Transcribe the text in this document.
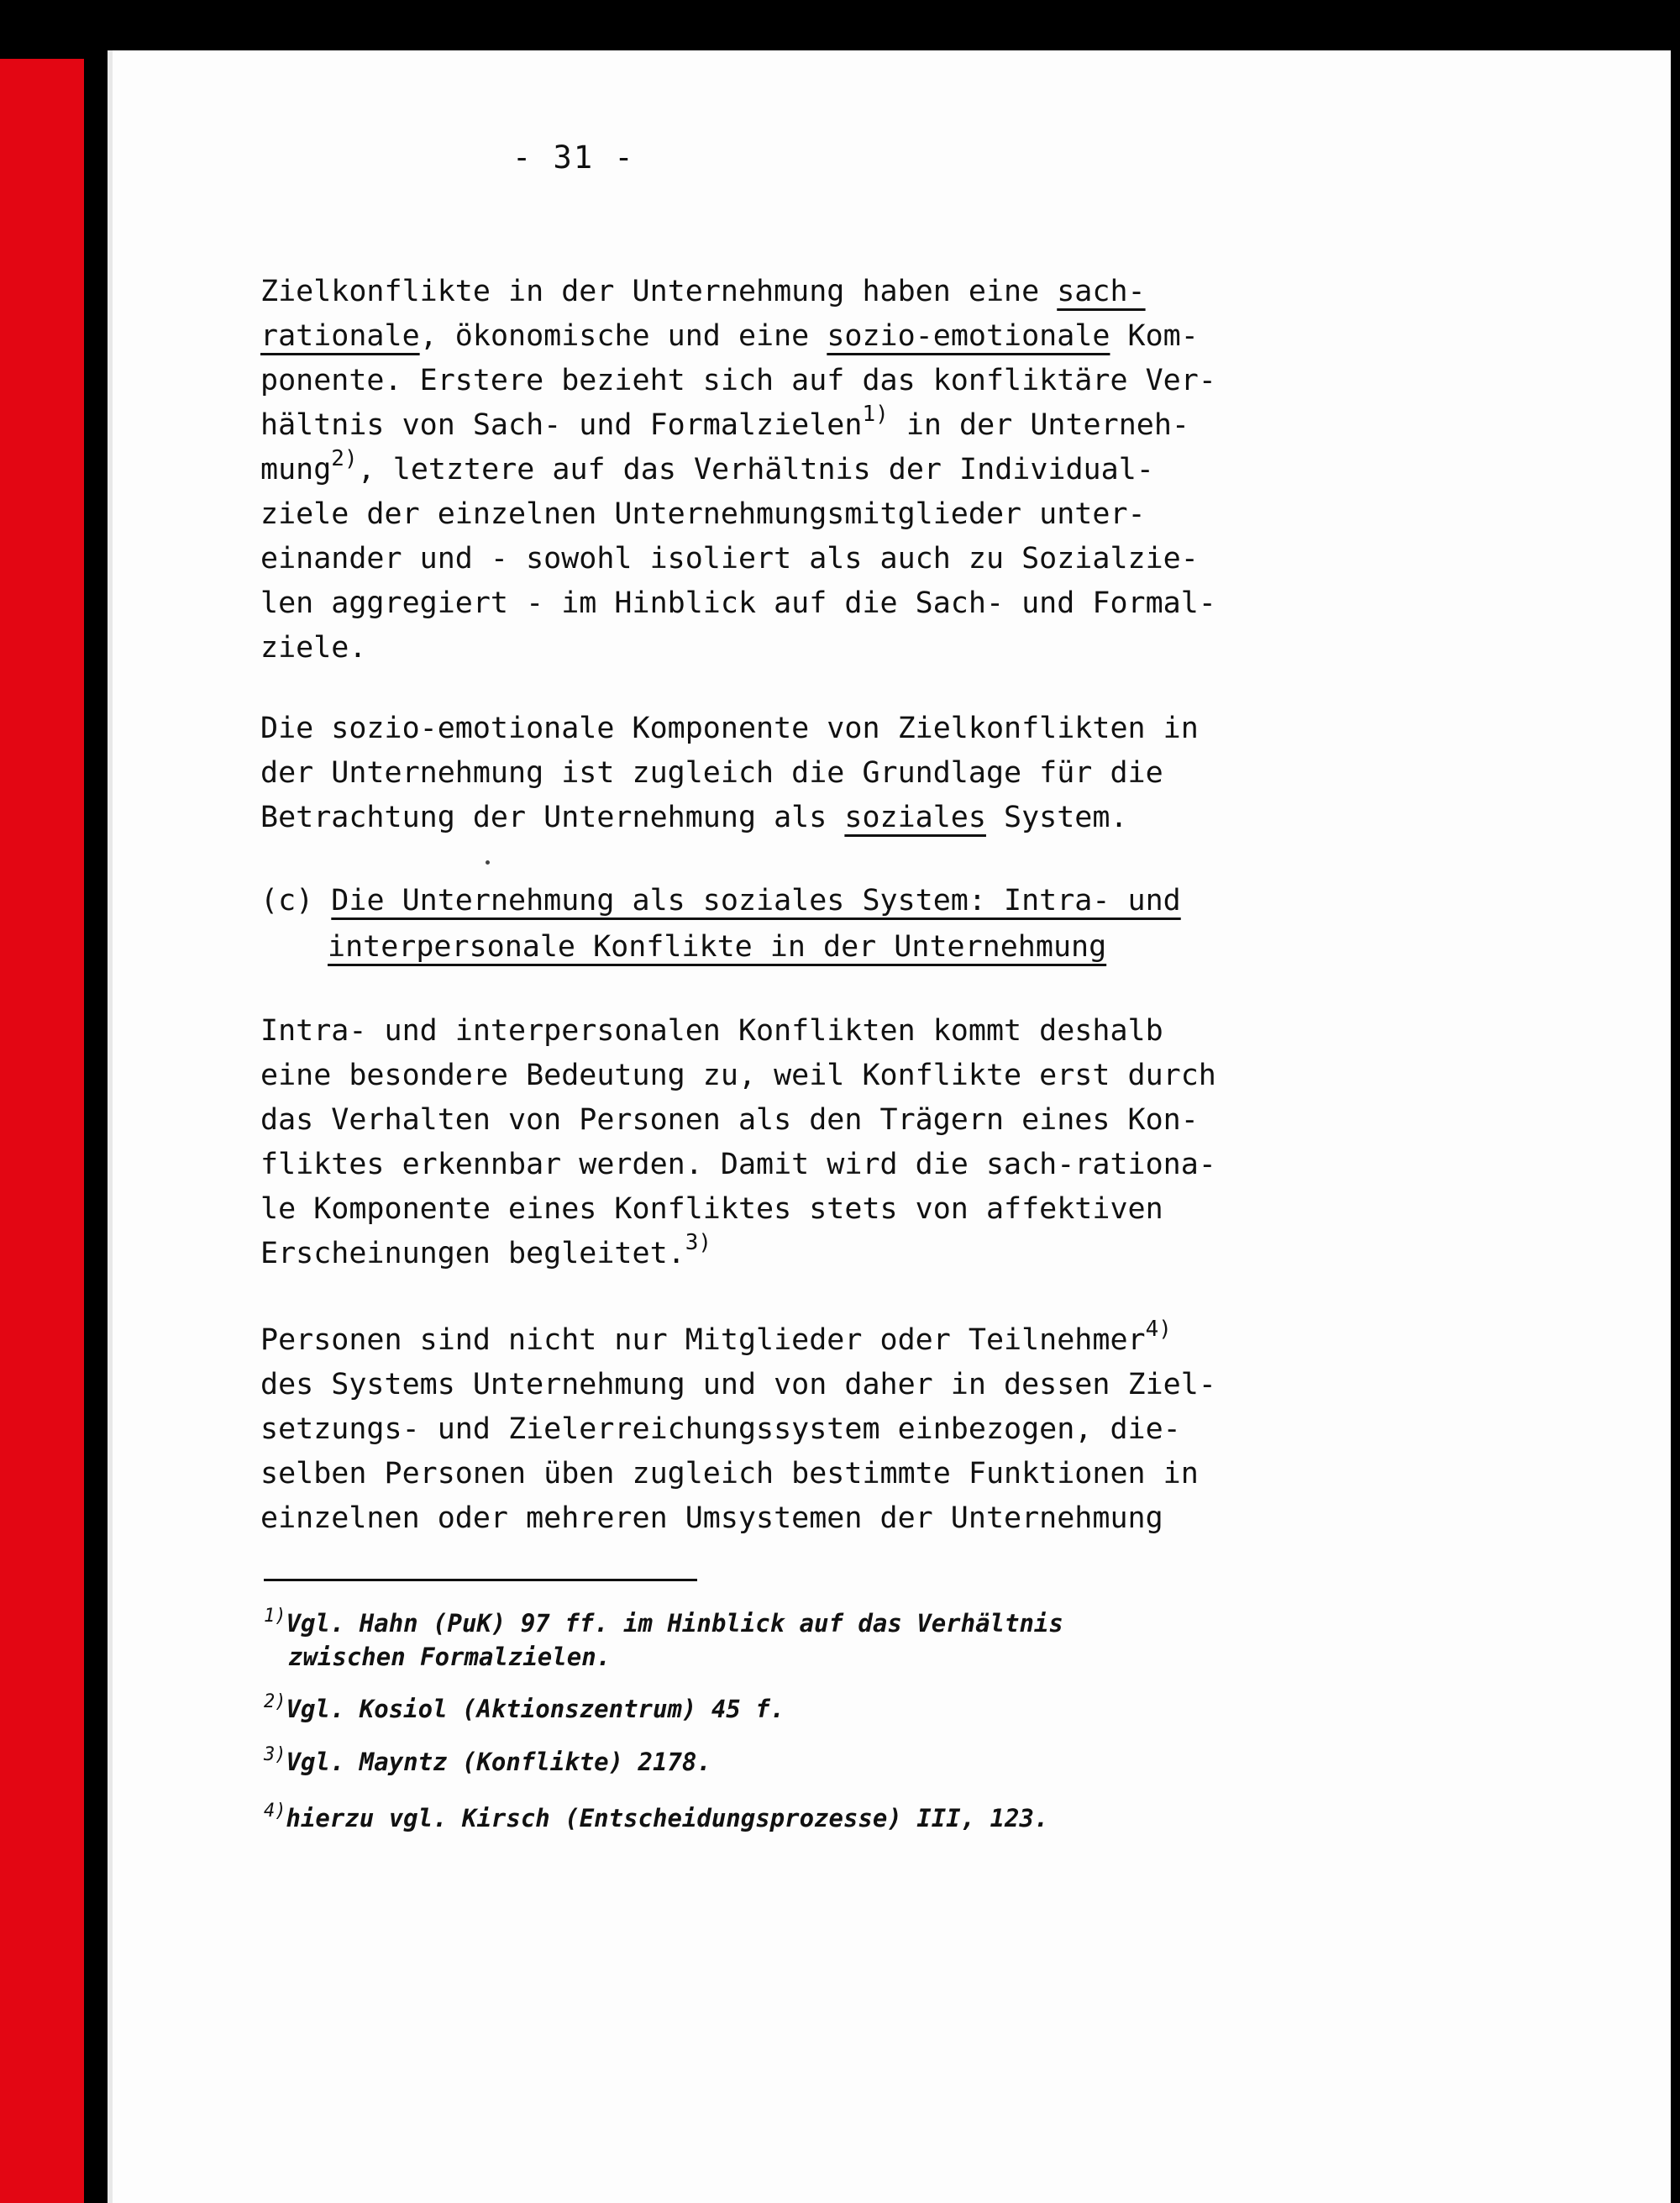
- 31 -
Zielkonflikte in der Unternehmung haben eine sach-
rationale, ökonomische und eine sozio-emotionale Kom-
ponente. Erstere bezieht sich auf das konfliktäre Ver-
hältnis von Sach- und Formalzielen$^{1)}$ in der Unterneh-
mung$^{2)}$, letztere auf das Verhältnis der Individual-
ziele der einzelnen Unternehmungsmitglieder unter-
einander und - sowohl isoliert als auch zu Sozialzie-
len aggregiert - im Hinblick auf die Sach- und Formal-
ziele.
Die sozio-emotionale Komponente von Zielkonflikten in
der Unternehmung ist zugleich die Grundlage für die
Betrachtung der Unternehmung als soziales System.
(c) Die Unternehmung als soziales System: Intra- und
interpersonale Konflikte in der Unternehmung
Intra- und interpersonalen Konflikten kommt deshalb
eine besondere Bedeutung zu, weil Konflikte erst durch
das Verhalten von Personen als den Trägern eines Kon-
fliktes erkennbar werden. Damit wird die sach-rationa-
le Komponente eines Konfliktes stets von affektiven
Erscheinungen begleitet.$^{3)}$
Personen sind nicht nur Mitglieder oder Teilnehmer$^{4)}$
des Systems Unternehmung und von daher in dessen Ziel-
setzungs- und Zielerreichungssystem einbezogen, die-
selben Personen üben zugleich bestimmte Funktionen in
einzelnen oder mehreren Umsystemen der Unternehmung
$^{1)}$Vgl. Hahn (PuK) 97 ff. im Hinblick auf das Verhältnis
zwischen Formalzielen.
$^{2)}$Vgl. Kosiol (Aktionszentrum) 45 f.
$^{3)}$Vgl. Mayntz (Konflikte) 2178.
$^{4)}$hierzu vgl. Kirsch (Entscheidungsprozesse) III, 123.
